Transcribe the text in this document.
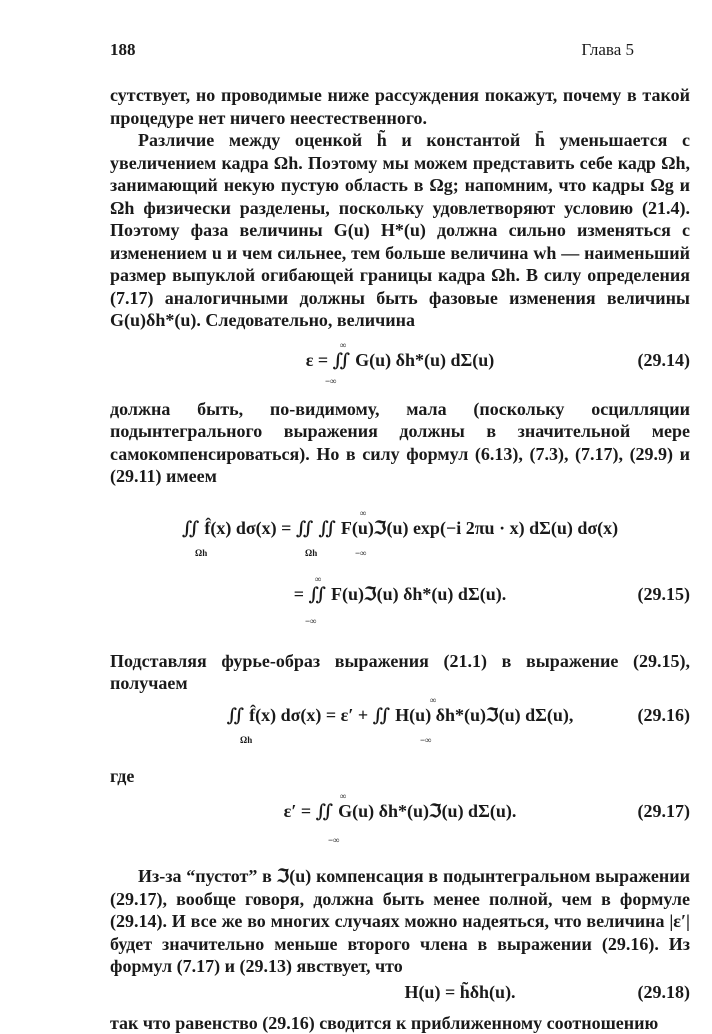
188	Глава 5

сутствует, но проводимые ниже рассуждения покажут, почему в такой процедуре нет ничего неестественного.

Различие между оценкой h̃ и константой h̄ уменьшается с увеличением кадра Ωh. Поэтому мы можем представить себе кадр Ωh, занимающий некую пустую область в Ωg; напомним, что кадры Ωg и Ωh физически разделены, поскольку удовлетворяют условию (21.4). Поэтому фаза величины G(u) H*(u) должна сильно изменяться с изменением u и чем сильнее, тем больше величина wh — наименьший размер выпуклой огибающей границы кадра Ωh. В силу определения (7.17) аналогичными должны быть фазовые изменения величины G(u)δh*(u). Следовательно, величина

∞
ε = ∬ G(u) δh*(u) dΣ(u)
−∞
(29.14)

должна быть, по-видимому, мала (поскольку осцилляции подынтегрального выражения должны в значительной мере самокомпенсироваться). Но в силу формул (6.13), (7.3), (7.17), (29.9) и (29.11) имеем

∞
∬ f̂(x) dσ(x) = ∬ ∬ F(u)ℑ(u) exp(−i 2πu · x) dΣ(u) dσ(x)
Ωh	Ωh	−∞
∞
= ∬ F(u)ℑ(u) δh*(u) dΣ(u).
−∞
(29.15)

Подставляя фурье-образ выражения (21.1) в выражение (29.15), получаем

∞
∬ f̂(x) dσ(x) = ε′ + ∬ H(u) δh*(u)ℑ(u) dΣ(u),
Ωh	−∞
(29.16)

где

∞
ε′ = ∬ G(u) δh*(u)ℑ(u) dΣ(u).
−∞
(29.17)

Из-за “пустот” в ℑ(u) компенсация в подынтегральном выражении (29.17), вообще говоря, должна быть менее полной, чем в формуле (29.14). И все же во многих случаях можно надеяться, что величина |ε′| будет значительно меньше второго члена в выражении (29.16). Из формул (7.17) и (29.13) явствует, что

H(u) = h̃δh(u).	(29.18)

так что равенство (29.16) сводится к приближенному соотношению
